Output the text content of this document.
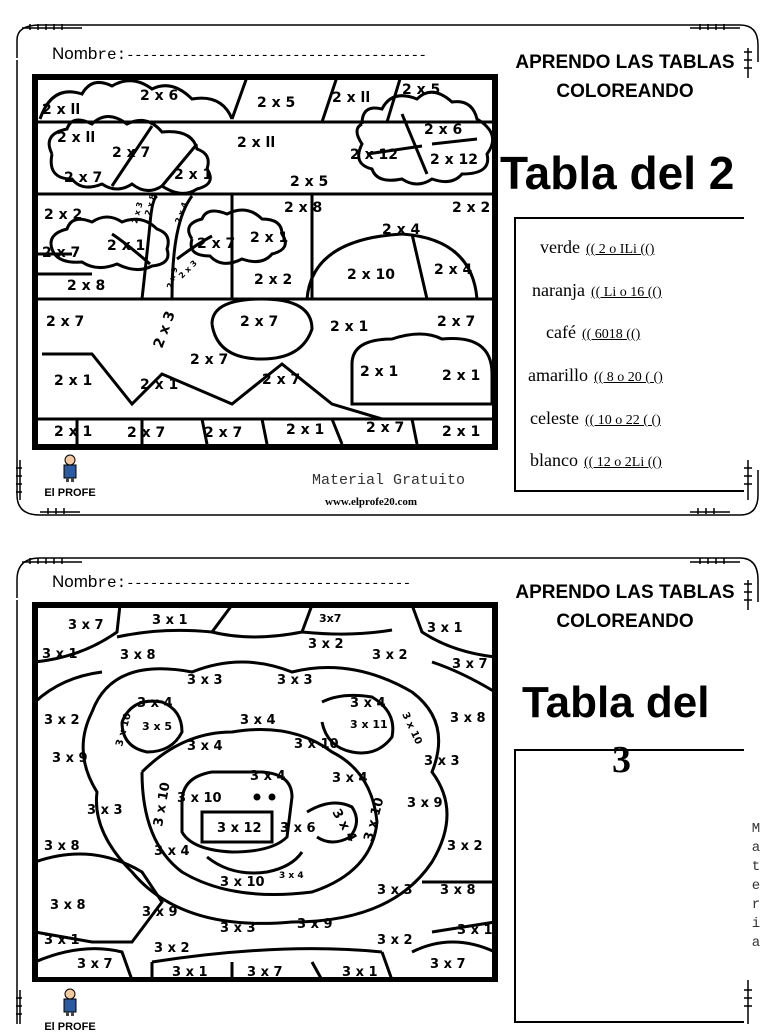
Nombre:--------------------------------------
2 x ll
2 x 6	2 x 5	2 x ll 2 x 5
2 x ll
2 x 7
2 x ll	2 x 6
2 x 12 2 x 12
2 x 7	2 x 1	2 x 5
2 x 2	2 x 8	2 x 2
2 x 7 2 x 1	2 x 7 2 x 1	2 x 4
2 x 8	2 x 2	2 x 10	2 x 4
2 x 7	2 x 3	2 x 7	2 x 1	2 x 7
2 x 7
2 x 1	2 x 1
2 x 7
2 x 1	2 x 1
2 x 1 2 x 7	2 x 7	2 x 1	2 x 7	2 x 1
2 x 3
2 x 8 2 x 4
2 x 9
2 x 3
APRENDO LAS TABLAS
COLOREANDO
Tabla del 2
verde (( 2 o ILi (()
naranja (( Li o 16 (()
café (( 6018 (()
amarillo (( 8 o 20 ( ()
celeste (( 10 o 22 ( ()
blanco (( 12 o 2Li (()
El PROFE
Material Gratuito
www.elprofe20.com
Nombre:------------------------------------
3 x 7
3 x 1
3x7
3 x 1
3 x 1
3 x 8
3 x 2
3 x 2
3 x 7
3 x 3	3 x 3
3 x 4	3 x 4
3 x 2	3 x 5
3 x 4
3 x 11	3 x 8
3 x 10	3 x 4
3 x 10	3 x 10
3 x 9
3 x 4	3 x 4
3 x 3
3 x 10 3 x 10	3 x 9
3 x 3
3 x 12 3 x 6 3 x 4
3 x 8	3 x 4
3 x 10
3 x 2
3 x 10 3 x 4
3 x 8	3 x 9
3 x 3
3 x 3	3 x 9
3 x 8
3 x 1
3 x 2
3 x 2
3 x 1
3 x 7
3 x 1	3 x 7	3 x 1
3 x 7
APRENDO LAS TABLAS
COLOREANDO
Tabla del
3
Materia
El PROFE
